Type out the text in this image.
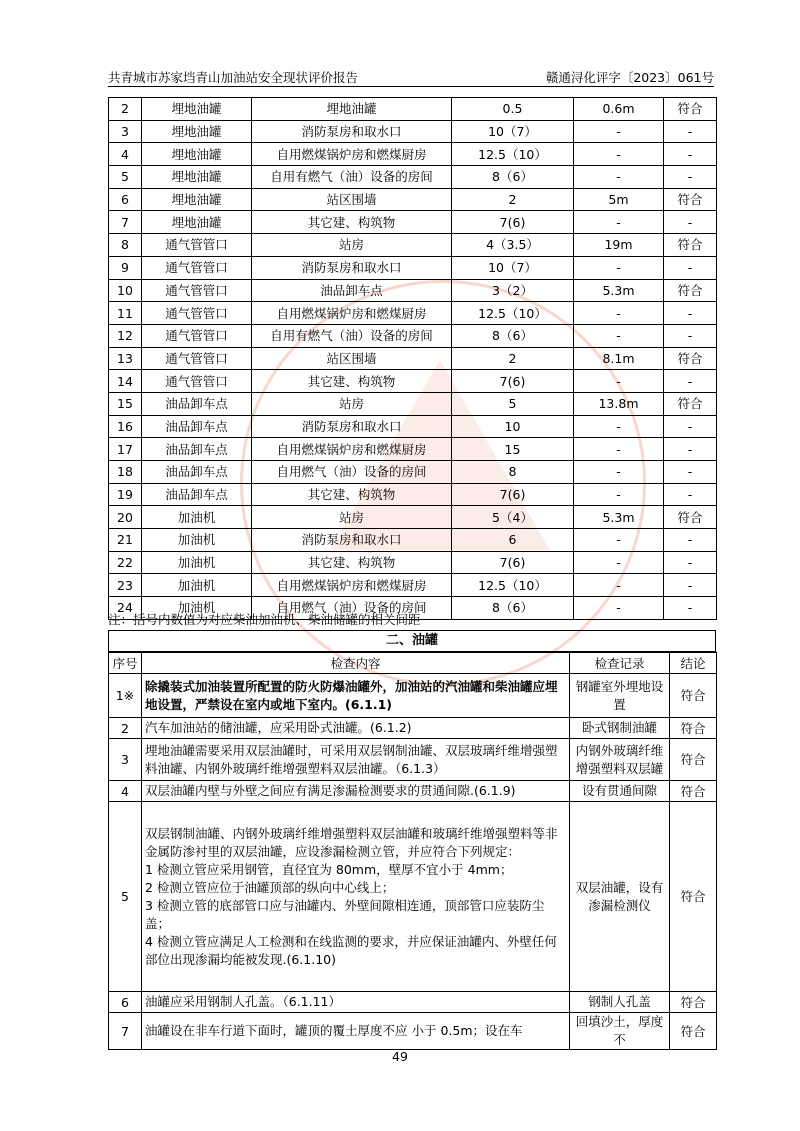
共青城市苏家垱青山加油站安全现状评价报告	赣通浔化评字〔2023〕061号
2	埋地油罐	埋地油罐	0.5	0.6m	符合
3	埋地油罐	消防泵房和取水口	10（7）	-	-
4	埋地油罐	自用燃煤锅炉房和燃煤厨房	12.5（10）	-	-
5	埋地油罐	自用有燃气（油）设备的房间	8（6）	-	-
6	埋地油罐	站区围墙	2	5m	符合
7	埋地油罐	其它建、构筑物	7(6)	-	-
8	通气管管口	站房	4（3.5）	19m	符合
9	通气管管口	消防泵房和取水口	10（7）	-	-
10	通气管管口	油品卸车点	3（2）	5.3m	符合
11	通气管管口	自用燃煤锅炉房和燃煤厨房	12.5（10）	-	-
12	通气管管口	自用有燃气（油）设备的房间	8（6）	-	-
13	通气管管口	站区围墙	2	8.1m	符合
14	通气管管口	其它建、构筑物	7(6)	-	-
15	油品卸车点	站房	5	13.8m	符合
16	油品卸车点	消防泵房和取水口	10	-	-
17	油品卸车点	自用燃煤锅炉房和燃煤厨房	15	-	-
18	油品卸车点	自用燃气（油）设备的房间	8	-	-
19	油品卸车点	其它建、构筑物	7(6)	-	-
20	加油机	站房	5（4）	5.3m	符合
21	加油机	消防泵房和取水口	6	-	-
22	加油机	其它建、构筑物	7(6)	-	-
23	加油机	自用燃煤锅炉房和燃煤厨房	12.5（10）	-	-
24	加油机	自用燃气（油）设备的房间	8（6）	-	-
注：括号内数值为对应柴油加油机、柴油储罐的相关间距
二、油罐
序号	检查内容	检查记录	结论
1※	除撬装式加油装置所配置的防火防爆油罐外，加油站的汽油罐和柴油罐应埋地设置，严禁设在室内或地下室内。(6.1.1)	钢罐室外埋地设置	符合
2	汽车加油站的储油罐，应采用卧式油罐。(6.1.2)	卧式钢制油罐	符合
3	埋地油罐需要采用双层油罐时，可采用双层钢制油罐、双层玻璃纤维增强塑料油罐、内钢外玻璃纤维增强塑料双层油罐。（6.1.3）	内钢外玻璃纤维增强塑料双层罐	符合
4	双层油罐内壁与外壁之间应有满足渗漏检测要求的贯通间隙.(6.1.9)	设有贯通间隙	符合
5	双层钢制油罐、内钢外玻璃纤维增强塑料双层油罐和玻璃纤维增强塑料等非金属防渗衬里的双层油罐，应设渗漏检测立管，并应符合下列规定：
1 检测立管应采用钢管，直径宜为 80mm，壁厚不宜小于 4mm；
2 检测立管应位于油罐顶部的纵向中心线上；
3 检测立管的底部管口应与油罐内、外壁间隙相连通，顶部管口应装防尘盖；
4 检测立管应满足人工检测和在线监测的要求，并应保证油罐内、外壁任何部位出现渗漏均能被发现.(6.1.10)	双层油罐，设有渗漏检测仪	符合
6	油罐应采用钢制人孔盖。（6.1.11）	钢制人孔盖	符合
7	油罐设在非车行道下面时，罐顶的覆土厚度不应 小于 0.5m；设在车	回填沙土，厚度不	符合
49
